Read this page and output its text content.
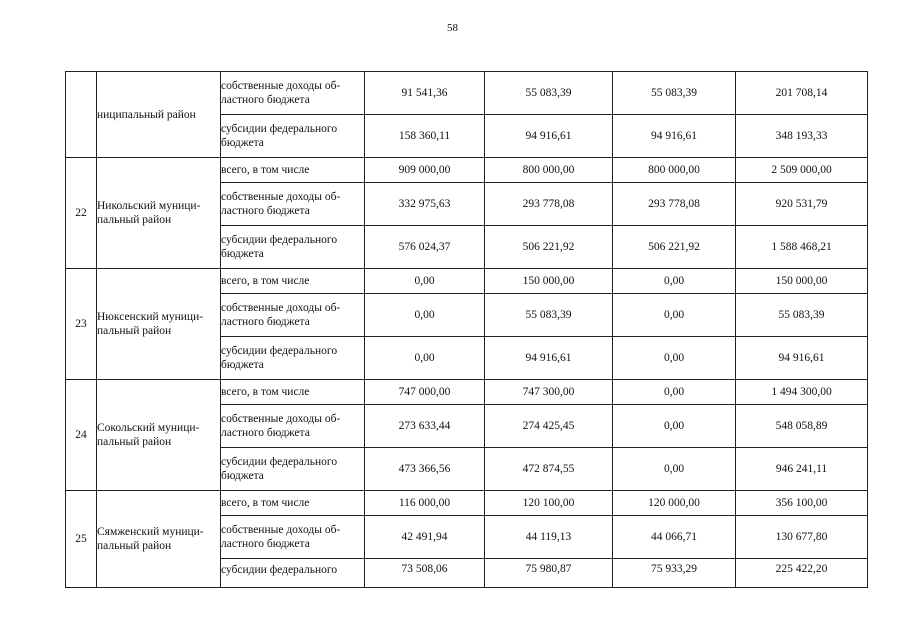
58
	ниципальный район	собственные доходы об-ластного бюджета	91 541,36	55 083,39	55 083,39	201 708,14
		субсидии федерального бюджета	158 360,11	94 916,61	94 916,61	348 193,33
22	Никольский муници-пальный район	всего, в том числе	909 000,00	800 000,00	800 000,00	2 509 000,00
		собственные доходы об-ластного бюджета	332 975,63	293 778,08	293 778,08	920 531,79
		субсидии федерального бюджета	576 024,37	506 221,92	506 221,92	1 588 468,21
23	Нюксенский муници-пальный район	всего, в том числе	0,00	150 000,00	0,00	150 000,00
		собственные доходы об-ластного бюджета	0,00	55 083,39	0,00	55 083,39
		субсидии федерального бюджета	0,00	94 916,61	0,00	94 916,61
24	Сокольский муници-пальный район	всего, в том числе	747 000,00	747 300,00	0,00	1 494 300,00
		собственные доходы об-ластного бюджета	273 633,44	274 425,45	0,00	548 058,89
		субсидии федерального бюджета	473 366,56	472 874,55	0,00	946 241,11
25	Сямженский муници-пальный район	всего, в том числе	116 000,00	120 100,00	120 000,00	356 100,00
		собственные доходы об-ластного бюджета	42 491,94	44 119,13	44 066,71	130 677,80
		субсидии федерального	73 508,06	75 980,87	75 933,29	225 422,20
